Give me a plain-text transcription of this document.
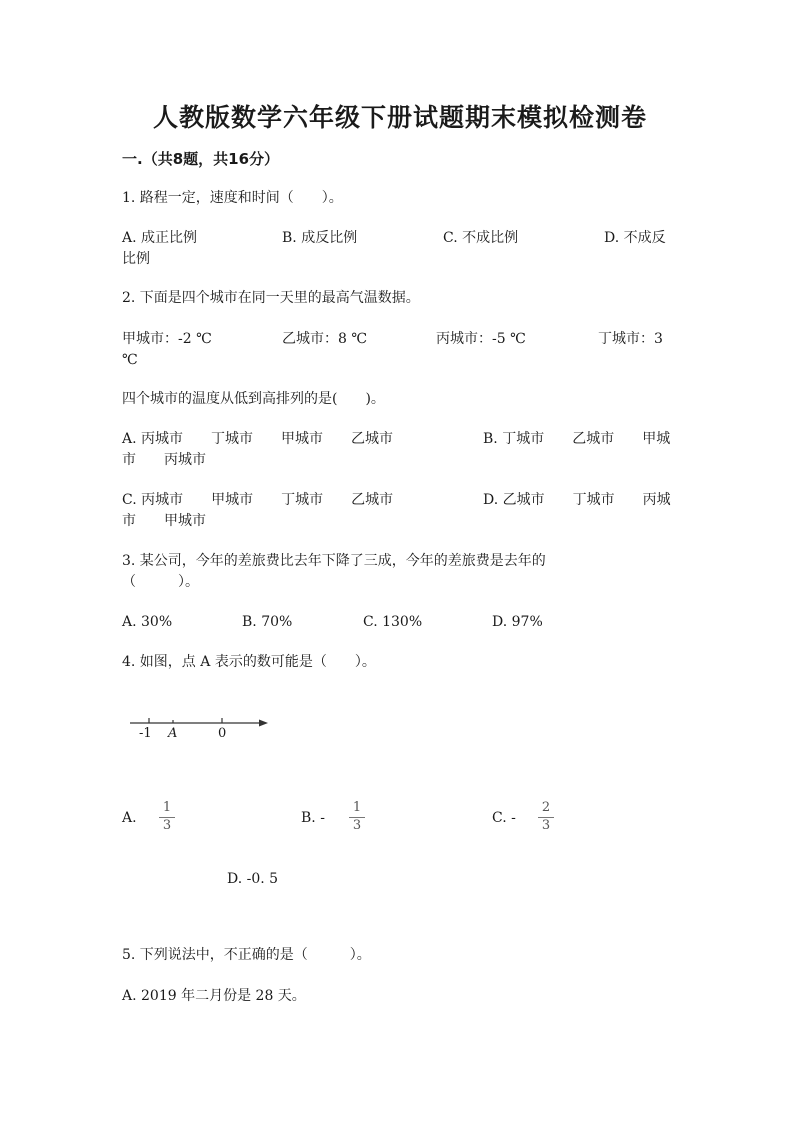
人教版数学六年级下册试题期末模拟检测卷
一.（共8题，共16分）
1. 路程一定，速度和时间（　　）。
A. 成正比例	B. 成反比例	C. 不成比例	D. 不成反
比例
2. 下面是四个城市在同一天里的最高气温数据。
甲城市：-2 ℃	乙城市：8 ℃	丙城市：-5 ℃	丁城市：3
℃
四个城市的温度从低到高排列的是(　　)。
A. 丙城市　　丁城市　　甲城市　　乙城市	B. 丁城市　　乙城市　　甲城
市　　丙城市
C. 丙城市　　甲城市　　丁城市　　乙城市	D. 乙城市　　丁城市　　丙城
市　　甲城市
3. 某公司，今年的差旅费比去年下降了三成，今年的差旅费是去年的
（　　　）。
A. 30%	B. 70%	C. 130%	D. 97%
4. 如图，点 A 表示的数可能是（　　）。
-1 A	0
A.
1
3	B. -
1
3	C. -
2
3
D. -0. 5
5. 下列说法中，不正确的是（　　　）。
A. 2019 年二月份是 28 天。
